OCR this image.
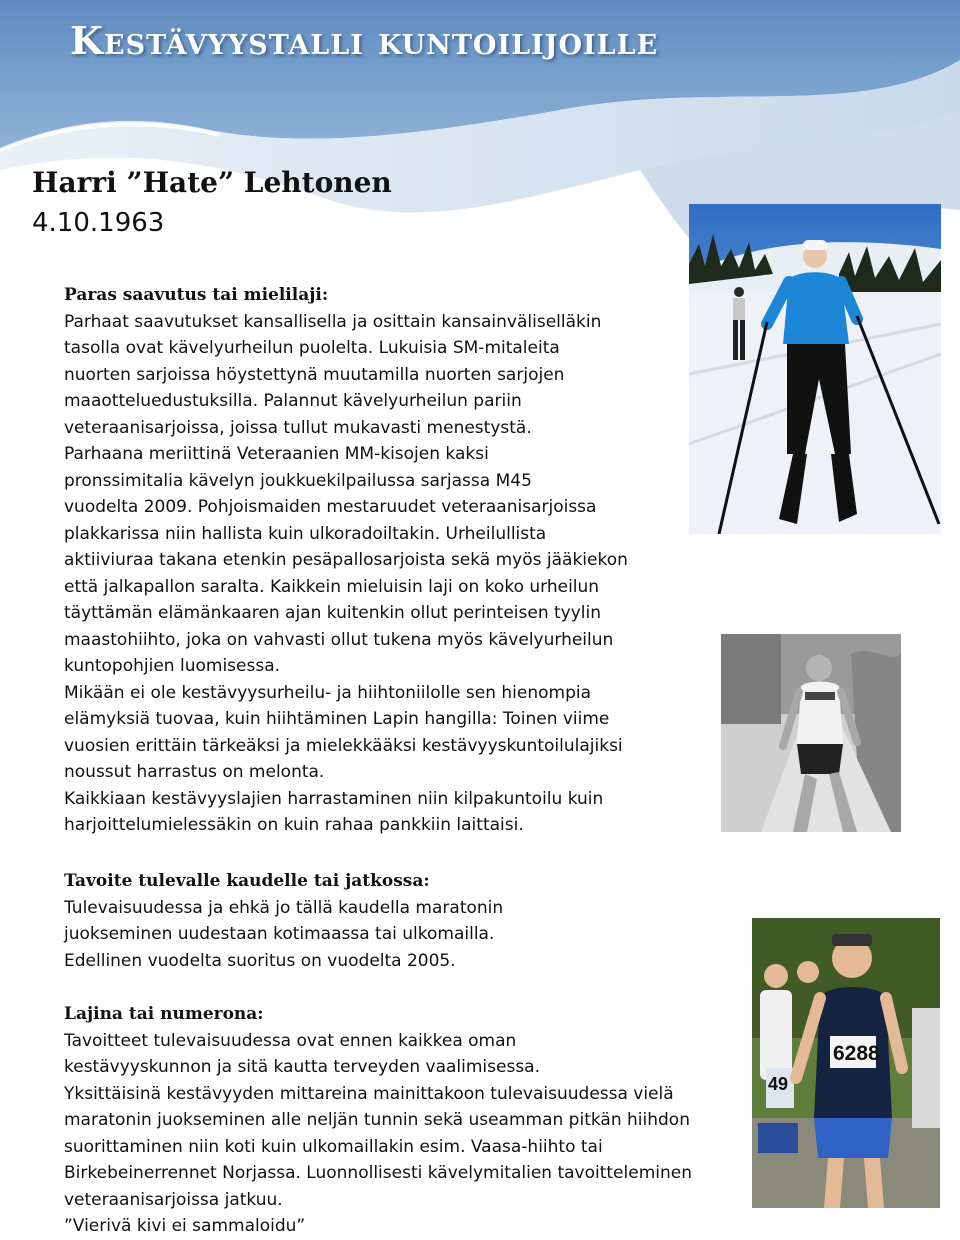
Kestävyystalli kuntoilijoille
Harri ”Hate” Lehtonen

4.10.1963

Paras saavutus tai mielilaji:

Parhaat saavutukset kansallisella ja osittain kansainväliselläkin

tasolla ovat kävelyurheilun puolelta. Lukuisia SM-mitaleita

nuorten sarjoissa höystettynä muutamilla nuorten sarjojen

maaotteluedustuksilla. Palannut kävelyurheilun pariin

veteraanisarjoissa, joissa tullut mukavasti menestystä.

Parhaana meriittinä Veteraanien MM-kisojen kaksi

pronssimitalia kävelyn joukkuekilpailussa sarjassa M45

vuodelta 2009. Pohjoismaiden mestaruudet veteraanisarjoissa

plakkarissa niin hallista kuin ulkoradoiltakin. Urheilullista

aktiiviuraa takana etenkin pesäpallosarjoista sekä myös jääkiekon

että jalkapallon saralta. Kaikkein mieluisin laji on koko urheilun

täyttämän elämänkaaren ajan kuitenkin ollut perinteisen tyylin

maastohiihto, joka on vahvasti ollut tukena myös kävelyurheilun

kuntopohjien luomisessa.

Mikään ei ole kestävyysurheilu- ja hiihtoniilolle sen hienompia

elämyksiä tuovaa, kuin hiihtäminen Lapin hangilla: Toinen viime

vuosien erittäin tärkeäksi ja mielekkääksi kestävyyskuntoilulajiksi

noussut harrastus on melonta.

Kaikkiaan kestävyyslajien harrastaminen niin kilpakuntoilu kuin

harjoittelumielessäkin on kuin rahaa pankkiin laittaisi.

Tavoite tulevalle kaudelle tai jatkossa:

Tulevaisuudessa ja ehkä jo tällä kaudella maratonin

juokseminen uudestaan kotimaassa tai ulkomailla.

Edellinen vuodelta suoritus on vuodelta 2005.

Lajina tai numerona:

Tavoitteet tulevaisuudessa ovat ennen kaikkea oman

kestävyyskunnon ja sitä kautta terveyden vaalimisessa.

Yksittäisinä kestävyyden mittareina mainittakoon tulevaisuudessa vielä

maratonin juokseminen alle neljän tunnin sekä useamman pitkän hiihdon

suorittaminen niin koti kuin ulkomaillakin esim. Vaasa-hiihto tai

Birkebeinerrennet Norjassa. Luonnollisesti kävelymitalien tavoitteleminen

veteraanisarjoissa jatkuu.

”Vierivä kivi ei sammaloidu”

49
6288
